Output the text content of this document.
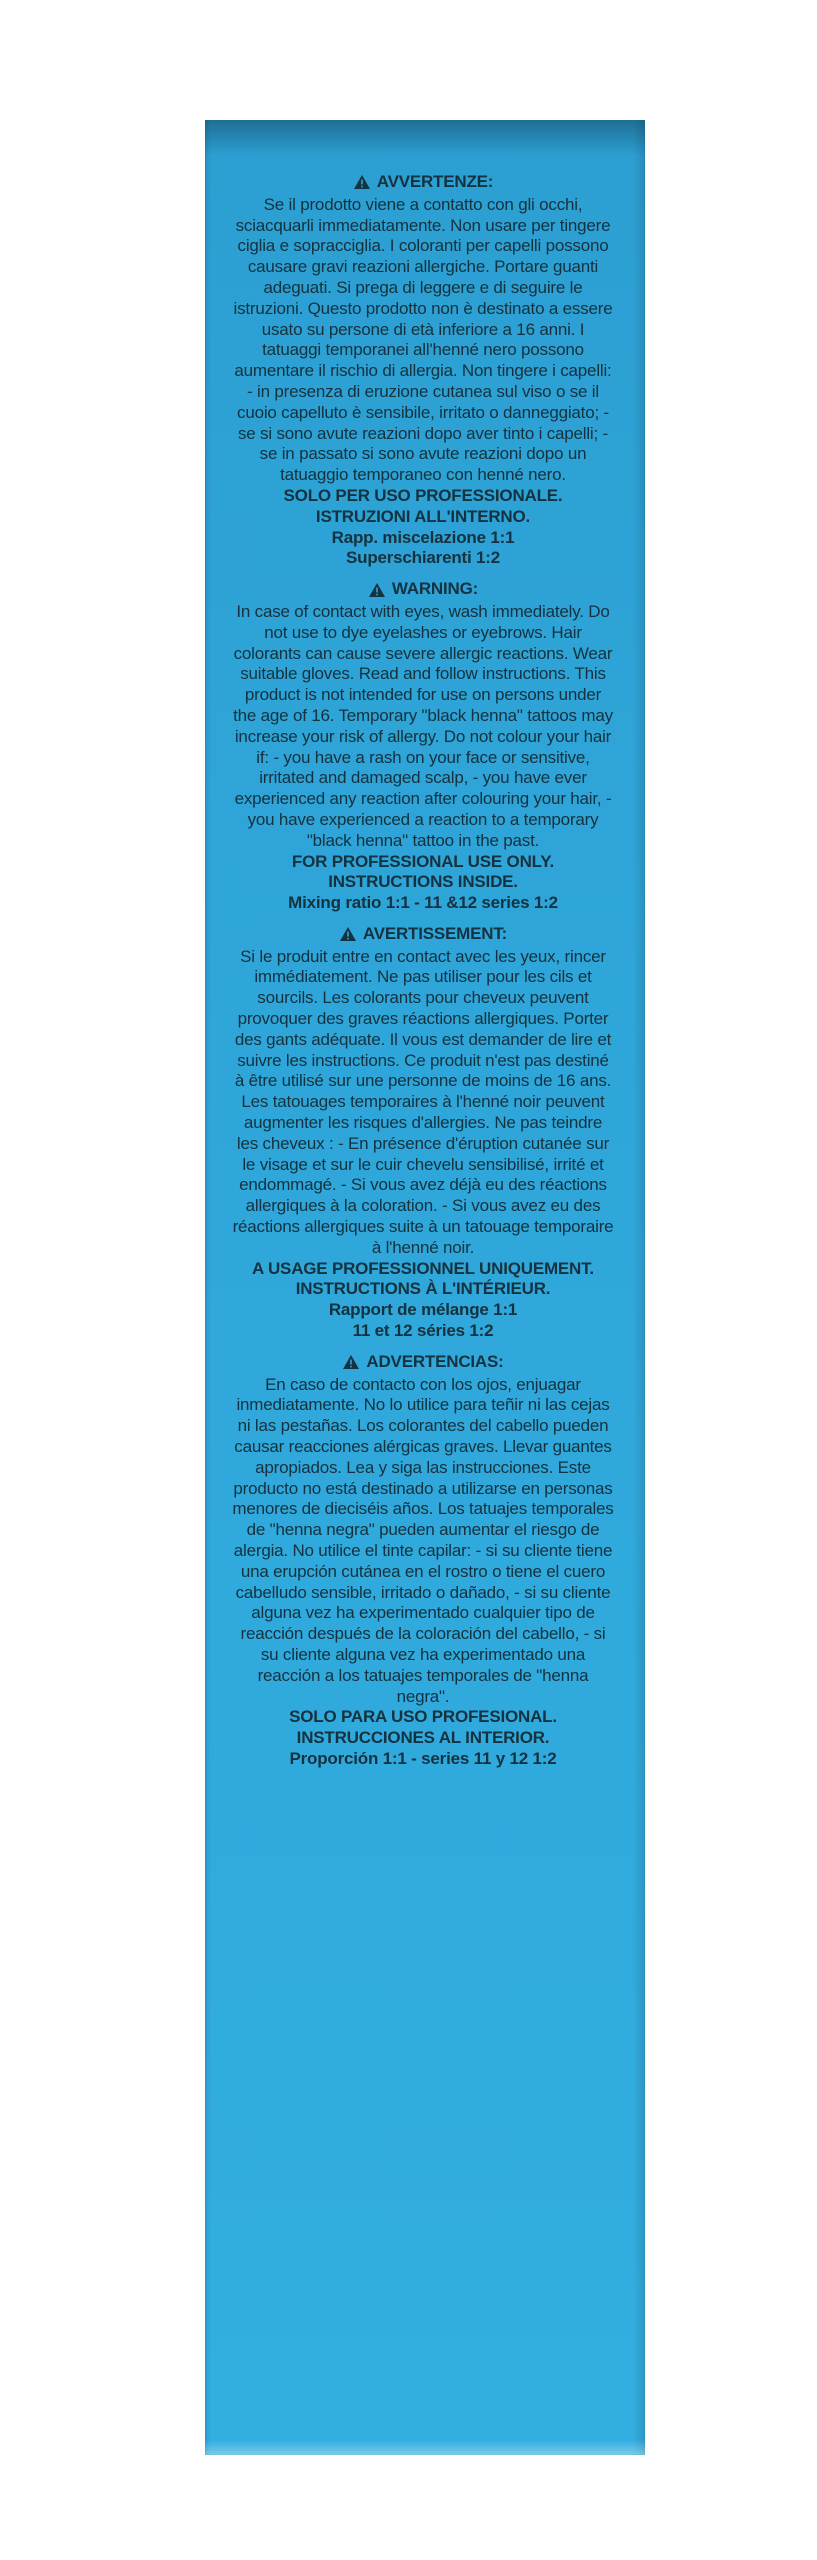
AVVERTENZE:

Se il prodotto viene a contatto con gli occhi, sciacquarli immediatamente. Non usare per tingere ciglia e sopracciglia. I coloranti per capelli possono causare gravi reazioni allergiche. Portare guanti adeguati. Si prega di leggere e di seguire le istruzioni. Questo prodotto non è destinato a essere usato su persone di età inferiore a 16 anni. I tatuaggi temporanei all'henné nero possono aumentare il rischio di allergia. Non tingere i capelli: - in presenza di eruzione cutanea sul viso o se il cuoio capelluto è sensibile, irritato o danneggiato; - se si sono avute reazioni dopo aver tinto i capelli; - se in passato si sono avute reazioni dopo un tatuaggio temporaneo con henné nero.

SOLO PER USO PROFESSIONALE.
ISTRUZIONI ALL'INTERNO.
Rapp. miscelazione 1:1
Superschiarenti 1:2
WARNING:

In case of contact with eyes, wash immediately. Do not use to dye eyelashes or eyebrows. Hair colorants can cause severe allergic reactions. Wear suitable gloves. Read and follow instructions. This product is not intended for use on persons under the age of 16. Temporary "black henna" tattoos may increase your risk of allergy. Do not colour your hair if: - you have a rash on your face or sensitive, irritated and damaged scalp, - you have ever experienced any reaction after colouring your hair, - you have experienced a reaction to a temporary "black henna" tattoo in the past.

FOR PROFESSIONAL USE ONLY.
INSTRUCTIONS INSIDE.
Mixing ratio 1:1 - 11 &12 series 1:2
AVERTISSEMENT:

Si le produit entre en contact avec les yeux, rincer immédiatement. Ne pas utiliser pour les cils et sourcils. Les colorants pour cheveux peuvent provoquer des graves réactions allergiques. Porter des gants adéquate. Il vous est demander de lire et suivre les instructions. Ce produit n'est pas destiné à être utilisé sur une personne de moins de 16 ans. Les tatouages temporaires à l'henné noir peuvent augmenter les risques d'allergies. Ne pas teindre les cheveux : - En présence d'éruption cutanée sur le visage et sur le cuir chevelu sensibilisé, irrité et endommagé. - Si vous avez déjà eu des réactions allergiques à la coloration. - Si vous avez eu des réactions allergiques suite à un tatouage temporaire à l'henné noir.

A USAGE PROFESSIONNEL UNIQUEMENT.
INSTRUCTIONS À L'INTÉRIEUR.
Rapport de mélange 1:1
11 et 12 séries 1:2
ADVERTENCIAS:

En caso de contacto con los ojos, enjuagar inmediatamente. No lo utilice para teñir ni las cejas ni las pestañas. Los colorantes del cabello pueden causar reacciones alérgicas graves. Llevar guantes apropiados. Lea y siga las instrucciones. Este producto no está destinado a utilizarse en personas menores de dieciséis años. Los tatuajes temporales de "henna negra" pueden aumentar el riesgo de alergia. No utilice el tinte capilar: - si su cliente tiene una erupción cutánea en el rostro o tiene el cuero cabelludo sensible, irritado o dañado, - si su cliente alguna vez ha experimentado cualquier tipo de reacción después de la coloración del cabello, - si su cliente alguna vez ha experimentado una reacción a los tatuajes temporales de "henna negra".

SOLO PARA USO PROFESIONAL.
INSTRUCCIONES AL INTERIOR.
Proporción 1:1 - series 11 y 12 1:2
